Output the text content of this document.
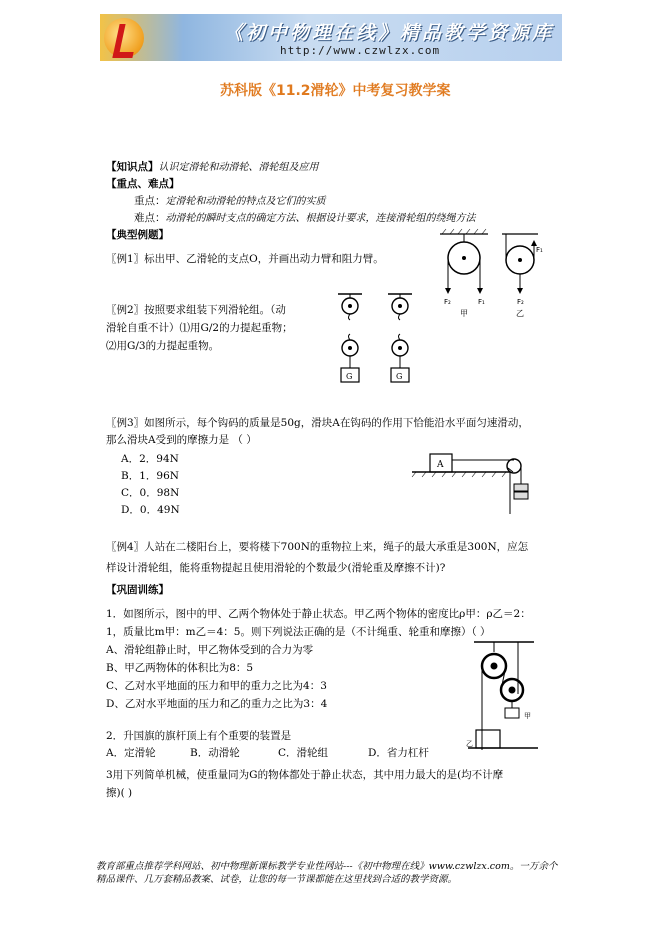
《初中物理在线》精品教学资源库
http://www.czwlzx.com
苏科版《11.2滑轮》中考复习教学案
【知识点】认识定滑轮和动滑轮、滑轮组及应用
【重点、难点】
重点：定滑轮和动滑轮的特点及它们的实质
难点：动滑轮的瞬时支点的确定方法、根据设计要求，连接滑轮组的绕绳方法
【典型例题】
〖例1〗标出甲、乙滑轮的支点O，并画出动力臂和阻力臂。
F₂	F₁
甲
F₁
F₂
乙
〖例2〗按照要求组装下列滑轮组。（动
滑轮自重不计）⑴用G/2的力提起重物；
⑵用G/3的力提起重物。
G	G
〖例3〗如图所示，每个钩码的质量是50g，滑块A在钩码的作用下恰能沿水平面匀速滑动，
那么滑块A受到的摩擦力是 （ ）
A．2．94N
B．1．96N
C．0．98N
D．0．49N
A
〖例4〗人站在二楼阳台上，要将楼下700N的重物拉上来，绳子的最大承重是300N，应怎
样设计滑轮组，能将重物提起且使用滑轮的个数最少(滑轮重及摩擦不计)?
【巩固训练】
1．如图所示，图中的甲、乙两个物体处于静止状态。甲乙两个物体的密度比ρ甲：ρ乙＝2：
1，质量比m甲：m乙＝4：5。则下列说法正确的是（不计绳重、轮重和摩擦）（ ）
A、滑轮组静止时，甲乙物体受到的合力为零
B、甲乙两物体的体积比为8：5
C、乙对水平地面的压力和甲的重力之比为4：3
D、乙对水平地面的压力和乙的重力之比为3：4
甲
乙
2．升国旗的旗杆顶上有个重要的装置是
A．定滑轮	B．动滑轮	C．滑轮组	D．省力杠杆
3用下列简单机械，使重量同为G的物体都处于静止状态，其中用力最大的是(均不计摩
擦)( )
教育部重点推荐学科网站、初中物理新课标教学专业性网站---《初中物理在线》www.czwlzx.com。一万余个精品课件、几万套精品教案、试卷，让您的每一节课都能在这里找到合适的教学资源。
